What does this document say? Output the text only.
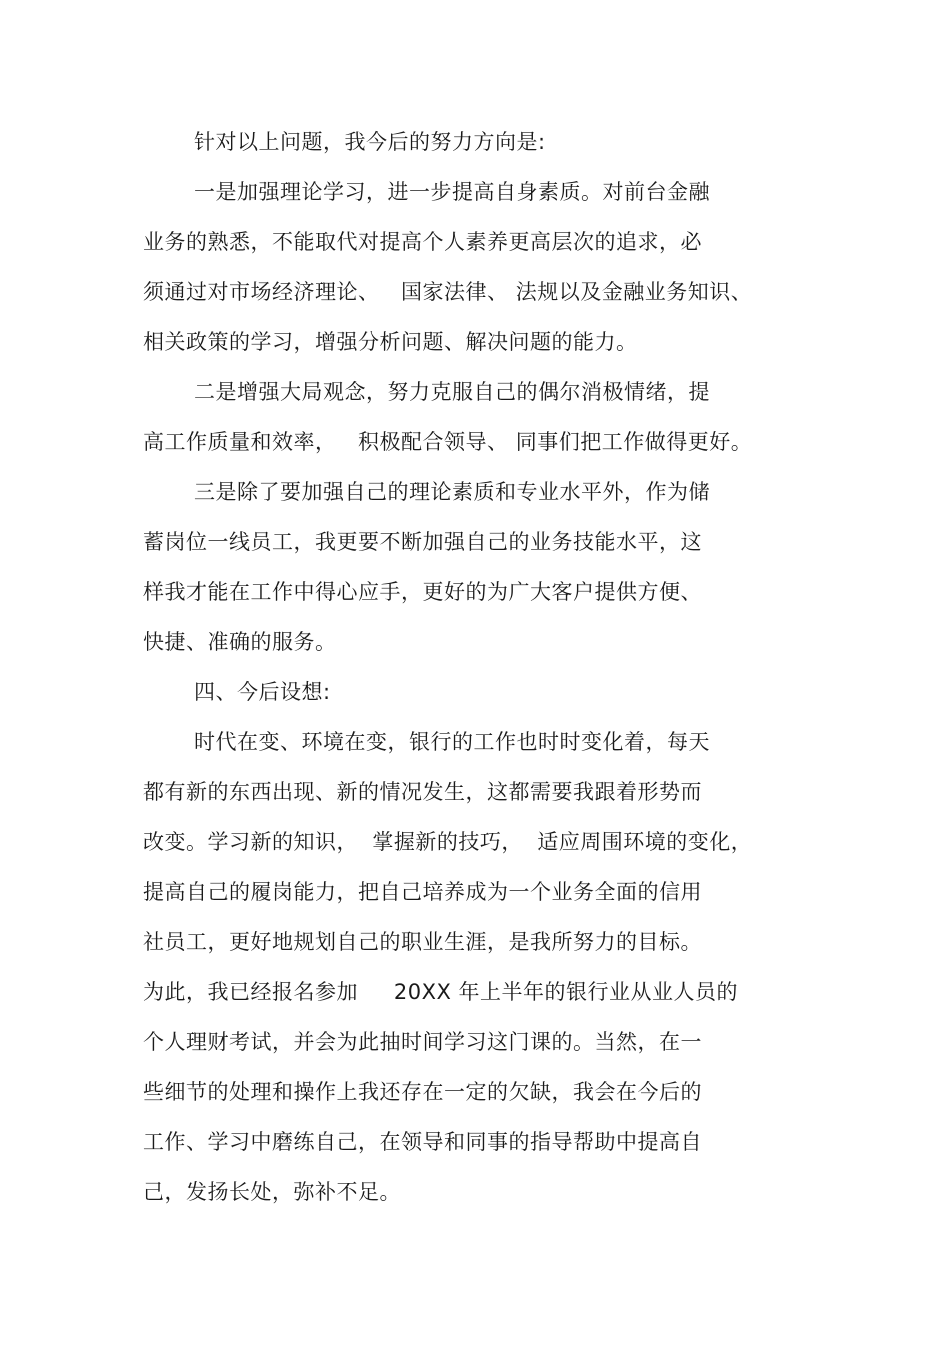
针对以上问题，我今后的努力方向是:
一是加强理论学习，进一步提高自身素质。对前台金融
业务的熟悉，不能取代对提高个人素养更高层次的追求，必
须通过对市场经济理论、   国家法律、 法规以及金融业务知识、
相关政策的学习，增强分析问题、解决问题的能力。
二是增强大局观念，努力克服自己的偶尔消极情绪，提
高工作质量和效率，   积极配合领导、 同事们把工作做得更好。
三是除了要加强自己的理论素质和专业水平外，作为储
蓄岗位一线员工，我更要不断加强自己的业务技能水平，这
样我才能在工作中得心应手，更好的为广大客户提供方便、
快捷、准确的服务。
四、今后设想:
时代在变、环境在变，银行的工作也时时变化着，每天
都有新的东西出现、新的情况发生，这都需要我跟着形势而
改变。学习新的知识，  掌握新的技巧，  适应周围环境的变化，
提高自己的履岗能力，把自己培养成为一个业务全面的信用
社员工，更好地规划自己的职业生涯，是我所努力的目标。
为此，我已经报名参加     20XX 年上半年的银行业从业人员的
个人理财考试，并会为此抽时间学习这门课的。当然，在一
些细节的处理和操作上我还存在一定的欠缺，我会在今后的
工作、学习中磨练自己，在领导和同事的指导帮助中提高自
己，发扬长处，弥补不足。
